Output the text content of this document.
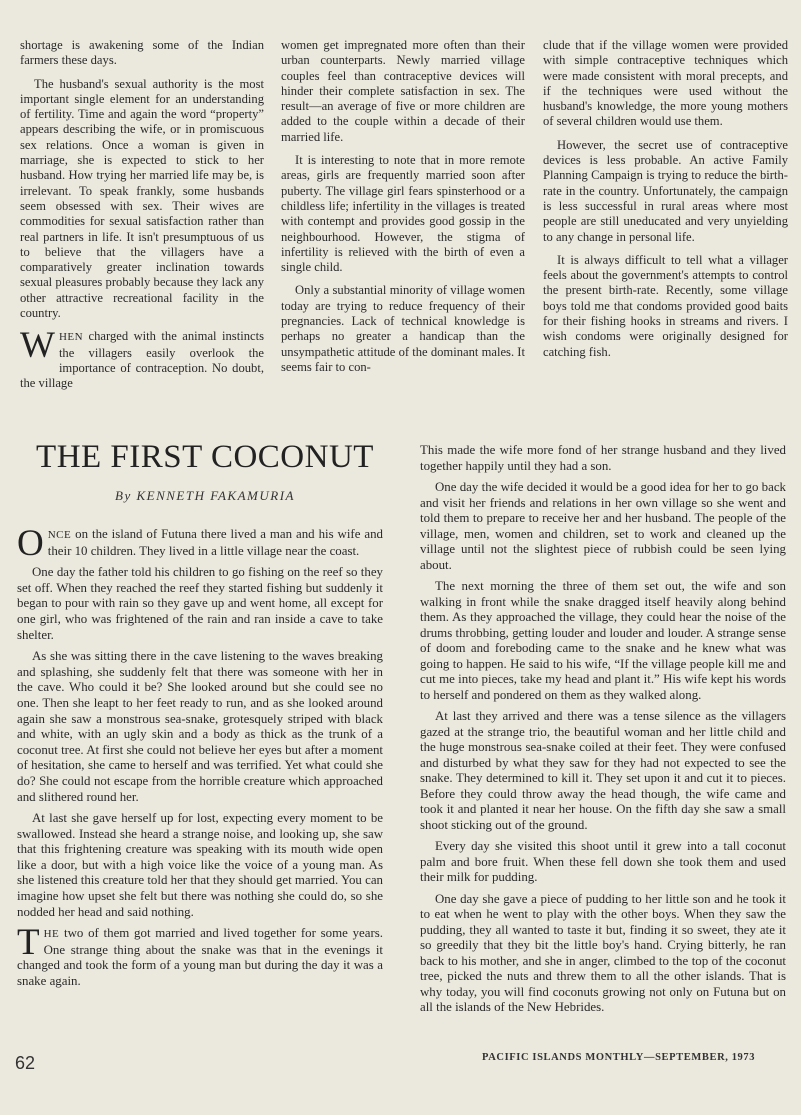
shortage is awakening some of the Indian farmers these days.

The husband's sexual authority is the most important single element for an understanding of fertility. Time and again the word “property” appears describing the wife, or in promiscuous sex relations. Once a woman is given in marriage, she is expected to stick to her husband. How trying her married life may be, is irrelevant. To speak frankly, some husbands seem obsessed with sex. Their wives are commodities for sexual satisfaction rather than real partners in life. It isn't presumptuous of us to believe that the villagers have a comparatively greater inclination towards sexual pleasures probably because they lack any other attractive recreational facility in the country.

WHEN charged with the animal instincts the villagers easily overlook the importance of contraception. No doubt, the village

women get impregnated more often than their urban counterparts. Newly married village couples feel than contraceptive devices will hinder their complete satisfaction in sex. The result—an average of five or more children are added to the couple within a decade of their married life.

It is interesting to note that in more remote areas, girls are frequently married soon after puberty. The village girl fears spinsterhood or a childless life; infertility in the villages is treated with contempt and provides good gossip in the neighbourhood. However, the stigma of infertility is relieved with the birth of even a single child.

Only a substantial minority of village women today are trying to reduce frequency of their pregnancies. Lack of technical knowledge is perhaps no greater a handicap than the unsympathetic attitude of the dominant males. It seems fair to con-

clude that if the village women were provided with simple contraceptive techniques which were made consistent with moral precepts, and if the techniques were used without the husband's knowledge, the more young mothers of several children would use them.

However, the secret use of contraceptive devices is less probable. An active Family Planning Campaign is trying to reduce the birth-rate in the country. Unfortunately, the campaign is less successful in rural areas where most people are still uneducated and very unyielding to any change in personal life.

It is always difficult to tell what a villager feels about the government's attempts to control the present birth-rate. Recently, some village boys told me that condoms provided good baits for their fishing hooks in streams and rivers. I wish condoms were originally designed for catching fish.

THE FIRST COCONUT
By KENNETH FAKAMURIA

ONCE on the island of Futuna there lived a man and his wife and their 10 children. They lived in a little village near the coast.

One day the father told his children to go fishing on the reef so they set off. When they reached the reef they started fishing but suddenly it began to pour with rain so they gave up and went home, all except for one girl, who was frightened of the rain and ran inside a cave to take shelter.

As she was sitting there in the cave listening to the waves breaking and splashing, she suddenly felt that there was someone with her in the cave. Who could it be? She looked around but she could see no one. Then she leapt to her feet ready to run, and as she looked around again she saw a monstrous sea-snake, grotesquely striped with black and white, with an ugly skin and a body as thick as the trunk of a coconut tree. At first she could not believe her eyes but after a moment of hesitation, she came to herself and was terrified. Yet what could she do? She could not escape from the horrible creature which approached and slithered round her.

At last she gave herself up for lost, expecting every moment to be swallowed. Instead she heard a strange noise, and looking up, she saw that this frightening creature was speaking with its mouth wide open like a door, but with a high voice like the voice of a young man. As she listened this creature told her that they should get married. You can imagine how upset she felt but there was nothing she could do, so she nodded her head and said nothing.

THE two of them got married and lived together for some years. One strange thing about the snake was that in the evenings it changed and took the form of a young man but during the day it was a snake again.

This made the wife more fond of her strange husband and they lived together happily until they had a son.

One day the wife decided it would be a good idea for her to go back and visit her friends and relations in her own village so she went and told them to prepare to receive her and her husband. The people of the village, men, women and children, set to work and cleaned up the village until not the slightest piece of rubbish could be seen lying about.

The next morning the three of them set out, the wife and son walking in front while the snake dragged itself heavily along behind them. As they approached the village, they could hear the noise of the drums throbbing, getting louder and louder and louder. A strange sense of doom and foreboding came to the snake and he knew what was going to happen. He said to his wife, “If the village people kill me and cut me into pieces, take my head and plant it.” His wife kept his words to herself and pondered on them as they walked along.

At last they arrived and there was a tense silence as the villagers gazed at the strange trio, the beautiful woman and her little child and the huge monstrous sea-snake coiled at their feet. They were confused and disturbed by what they saw for they had not expected to see the snake. They determined to kill it. They set upon it and cut it to pieces. Before they could throw away the head though, the wife came and took it and planted it near her house. On the fifth day she saw a small shoot sticking out of the ground.

Every day she visited this shoot until it grew into a tall coconut palm and bore fruit. When these fell down she took them and used their milk for pudding.

One day she gave a piece of pudding to her little son and he took it to eat when he went to play with the other boys. When they saw the pudding, they all wanted to taste it but, finding it so sweet, they ate it so greedily that they bit the little boy's hand. Crying bitterly, he ran back to his mother, and she in anger, climbed to the top of the coconut tree, picked the nuts and threw them to all the other islands. That is why today, you will find coconuts growing not only on Futuna but on all the islands of the New Hebrides.

62	PACIFIC ISLANDS MONTHLY—SEPTEMBER, 1973
